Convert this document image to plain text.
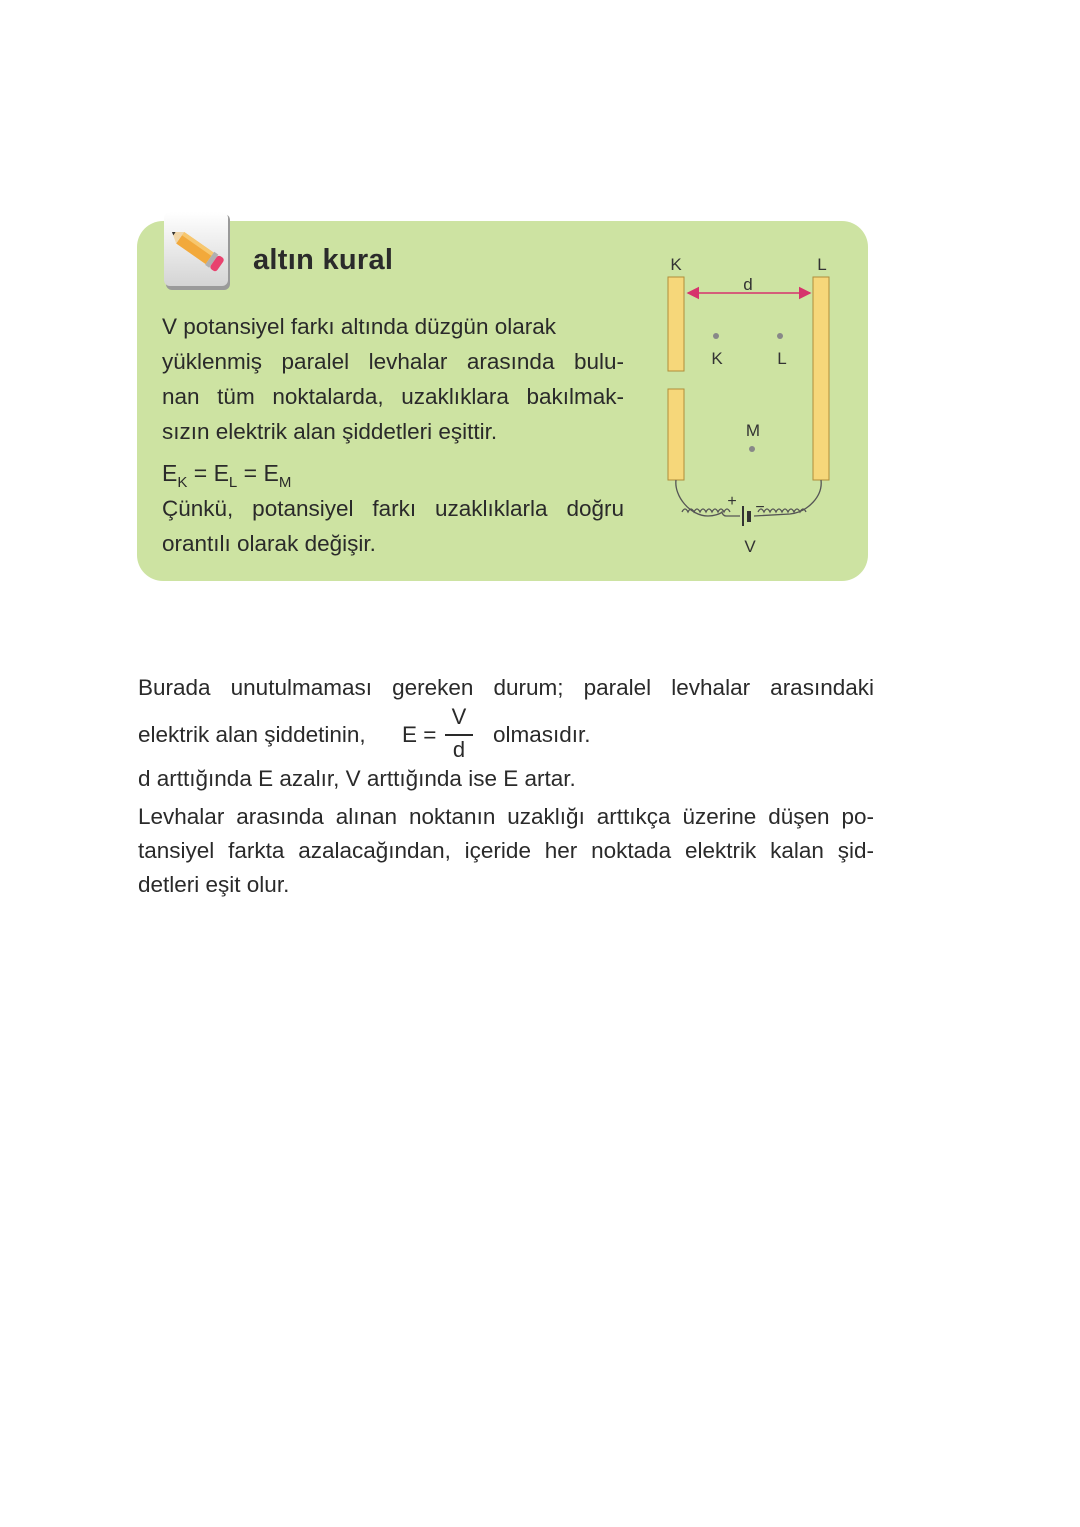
altın kural
V potansiyel farkı altında düzgün olarak
yüklenmiş paralel levhalar arasında bulu-
nan tüm noktalarda, uzaklıklara bakılmak-
sızın elektrik alan şiddetleri eşittir.
$E_K = E_L = E_M$
Çünkü, potansiyel farkı uzaklıklarla doğru
orantılı olarak değişir.
K	L
d
K	L
M
+ −
V
Burada unutulmaması gereken durum; paralel levhalar arasındaki
elektrik alan şiddetinin, E =
V
d
olmasıdır.
d arttığında E azalır, V arttığında ise E artar.
Levhalar arasında alınan noktanın uzaklığı arttıkça üzerine düşen po-
tansiyel farkta azalacağından, içeride her noktada elektrik kalan şid-
detleri eşit olur.
